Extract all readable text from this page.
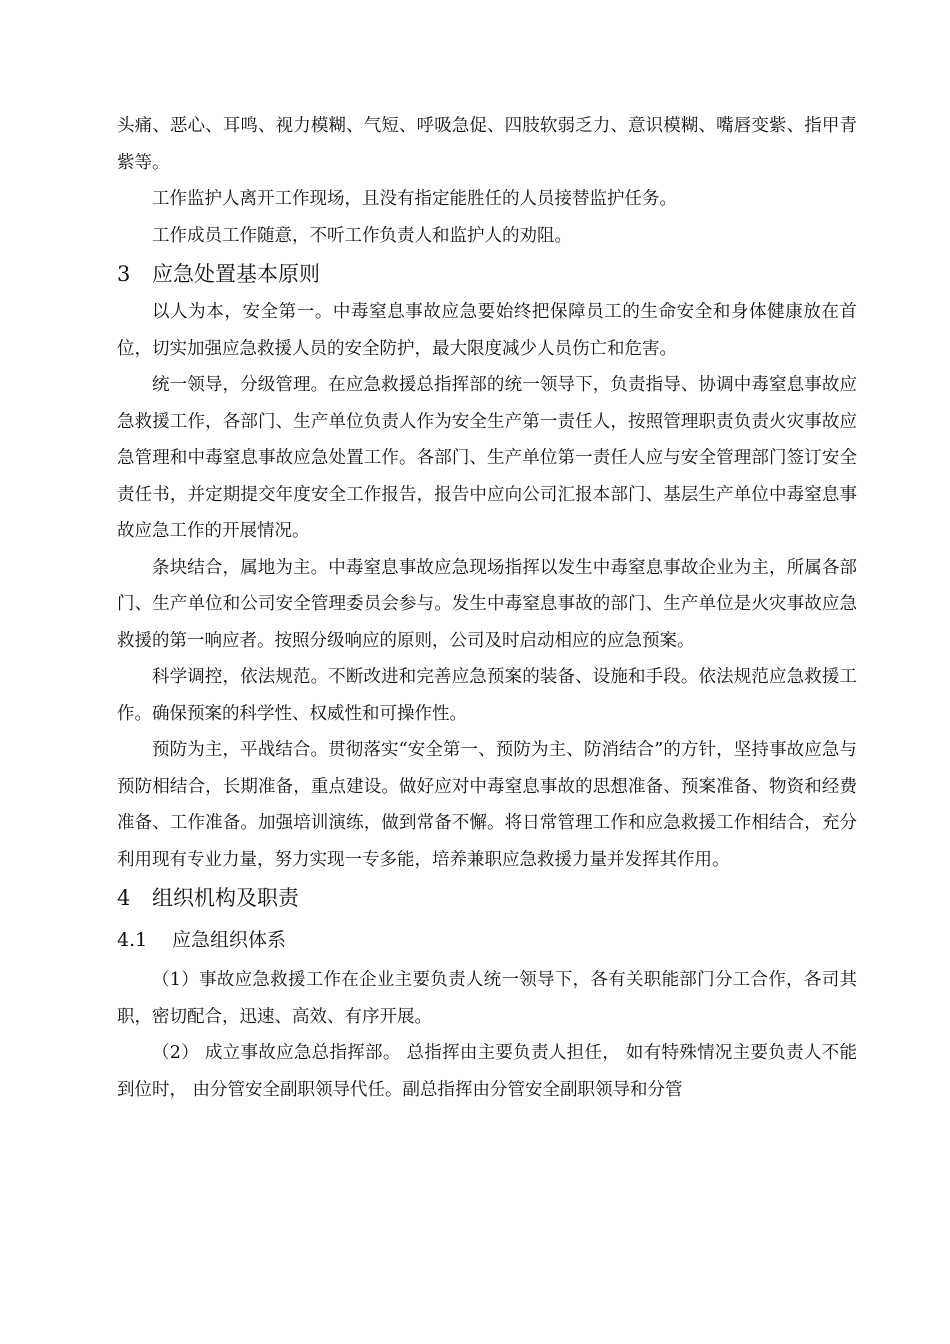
头痛、恶心、耳鸣、视力模糊、气短、呼吸急促、四肢软弱乏力、意识模糊、嘴唇变紫、指甲青紫等。

工作监护人离开工作现场，且没有指定能胜任的人员接替监护任务。

工作成员工作随意，不听工作负责人和监护人的劝阻。

3 应急处置基本原则

以人为本，安全第一。中毒窒息事故应急要始终把保障员工的生命安全和身体健康放在首位，切实加强应急救援人员的安全防护，最大限度减少人员伤亡和危害。

统一领导，分级管理。在应急救援总指挥部的统一领导下，负责指导、协调中毒窒息事故应急救援工作，各部门、生产单位负责人作为安全生产第一责任人，按照管理职责负责火灾事故应急管理和中毒窒息事故应急处置工作。各部门、生产单位第一责任人应与安全管理部门签订安全责任书，并定期提交年度安全工作报告，报告中应向公司汇报本部门、基层生产单位中毒窒息事故应急工作的开展情况。

条块结合，属地为主。中毒窒息事故应急现场指挥以发生中毒窒息事故企业为主，所属各部门、生产单位和公司安全管理委员会参与。发生中毒窒息事故的部门、生产单位是火灾事故应急救援的第一响应者。按照分级响应的原则，公司及时启动相应的应急预案。

科学调控，依法规范。不断改进和完善应急预案的装备、设施和手段。依法规范应急救援工作。确保预案的科学性、权威性和可操作性。

预防为主，平战结合。贯彻落实“安全第一、预防为主、防消结合”的方针，坚持事故应急与预防相结合，长期准备，重点建设。做好应对中毒窒息事故的思想准备、预案准备、物资和经费准备、工作准备。加强培训演练，做到常备不懈。将日常管理工作和应急救援工作相结合，充分利用现有专业力量，努力实现一专多能，培养兼职应急救援力量并发挥其作用。

4 组织机构及职责
4.1 应急组织体系

（1）事故应急救援工作在企业主要负责人统一领导下，各有关职能部门分工合作，各司其职，密切配合，迅速、高效、有序开展。

（2） 成立事故应急总指挥部。 总指挥由主要负责人担任， 如有特殊情况主要负责人不能到位时， 由分管安全副职领导代任。副总指挥由分管安全副职领导和分管
